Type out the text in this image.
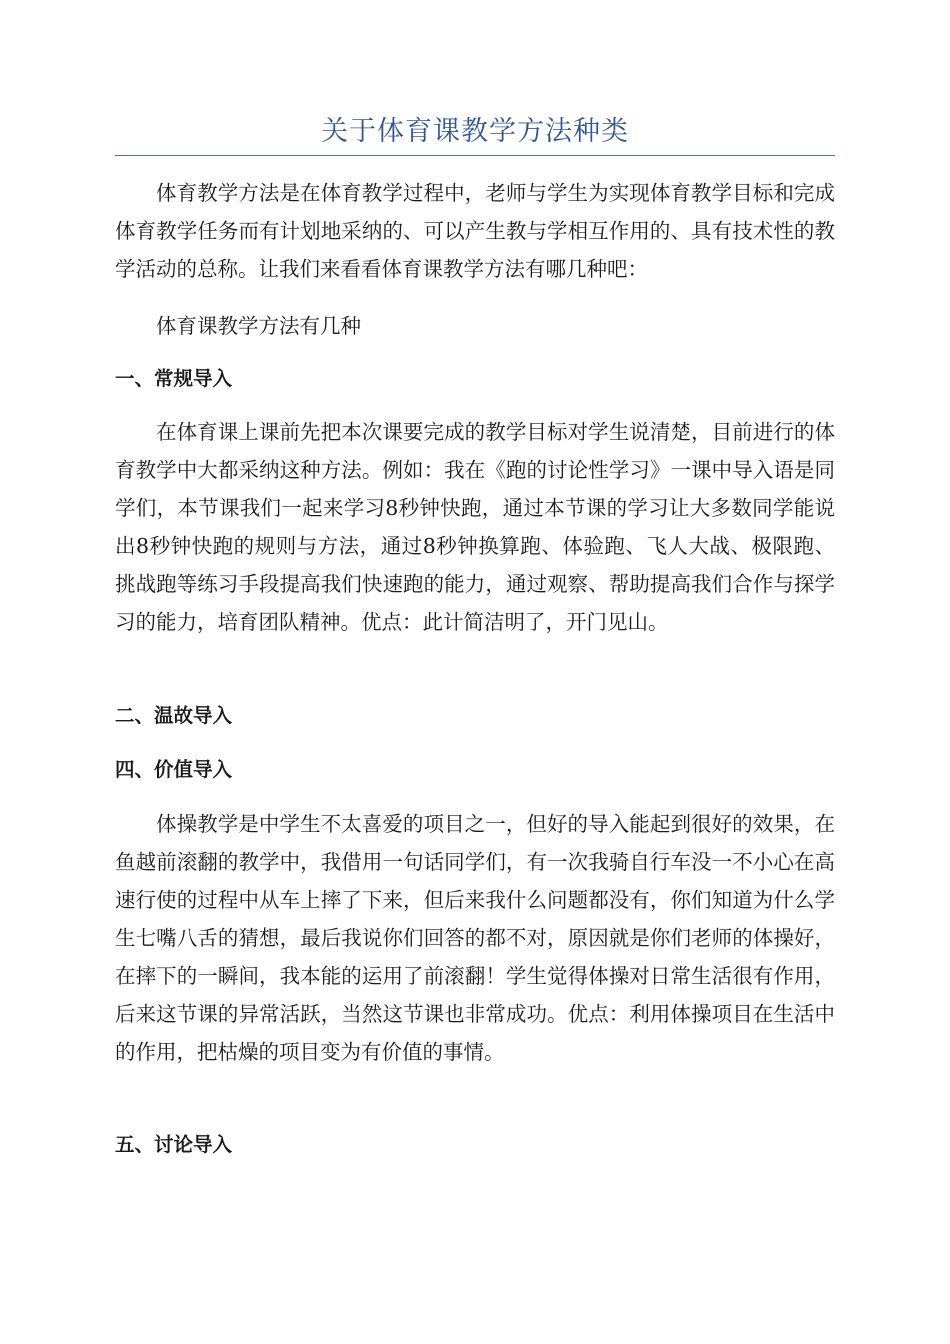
关于体育课教学方法种类

体育教学方法是在体育教学过程中，老师与学生为实现体育教学目标和完成体育教学任务而有计划地采纳的、可以产生教与学相互作用的、具有技术性的教学活动的总称。让我们来看看体育课教学方法有哪几种吧：

体育课教学方法有几种

一、常规导入

在体育课上课前先把本次课要完成的教学目标对学生说清楚，目前进行的体育教学中大都采纳这种方法。例如：我在《跑的讨论性学习》一课中导入语是同学们，本节课我们一起来学习8秒钟快跑，通过本节课的学习让大多数同学能说出8秒钟快跑的规则与方法，通过8秒钟换算跑、体验跑、飞人大战、极限跑、挑战跑等练习手段提高我们快速跑的能力，通过观察、帮助提高我们合作与探学习的能力，培育团队精神。优点：此计简洁明了，开门见山。

二、温故导入
四、价值导入

体操教学是中学生不太喜爱的项目之一，但好的导入能起到很好的效果，在鱼越前滚翻的教学中，我借用一句话同学们，有一次我骑自行车没一不小心在高速行使的过程中从车上摔了下来，但后来我什么问题都没有，你们知道为什么学生七嘴八舌的猜想，最后我说你们回答的都不对，原因就是你们老师的体操好，在摔下的一瞬间，我本能的运用了前滚翻！学生觉得体操对日常生活很有作用，后来这节课的异常活跃，当然这节课也非常成功。优点：利用体操项目在生活中的作用，把枯燥的项目变为有价值的事情。

五、讨论导入
